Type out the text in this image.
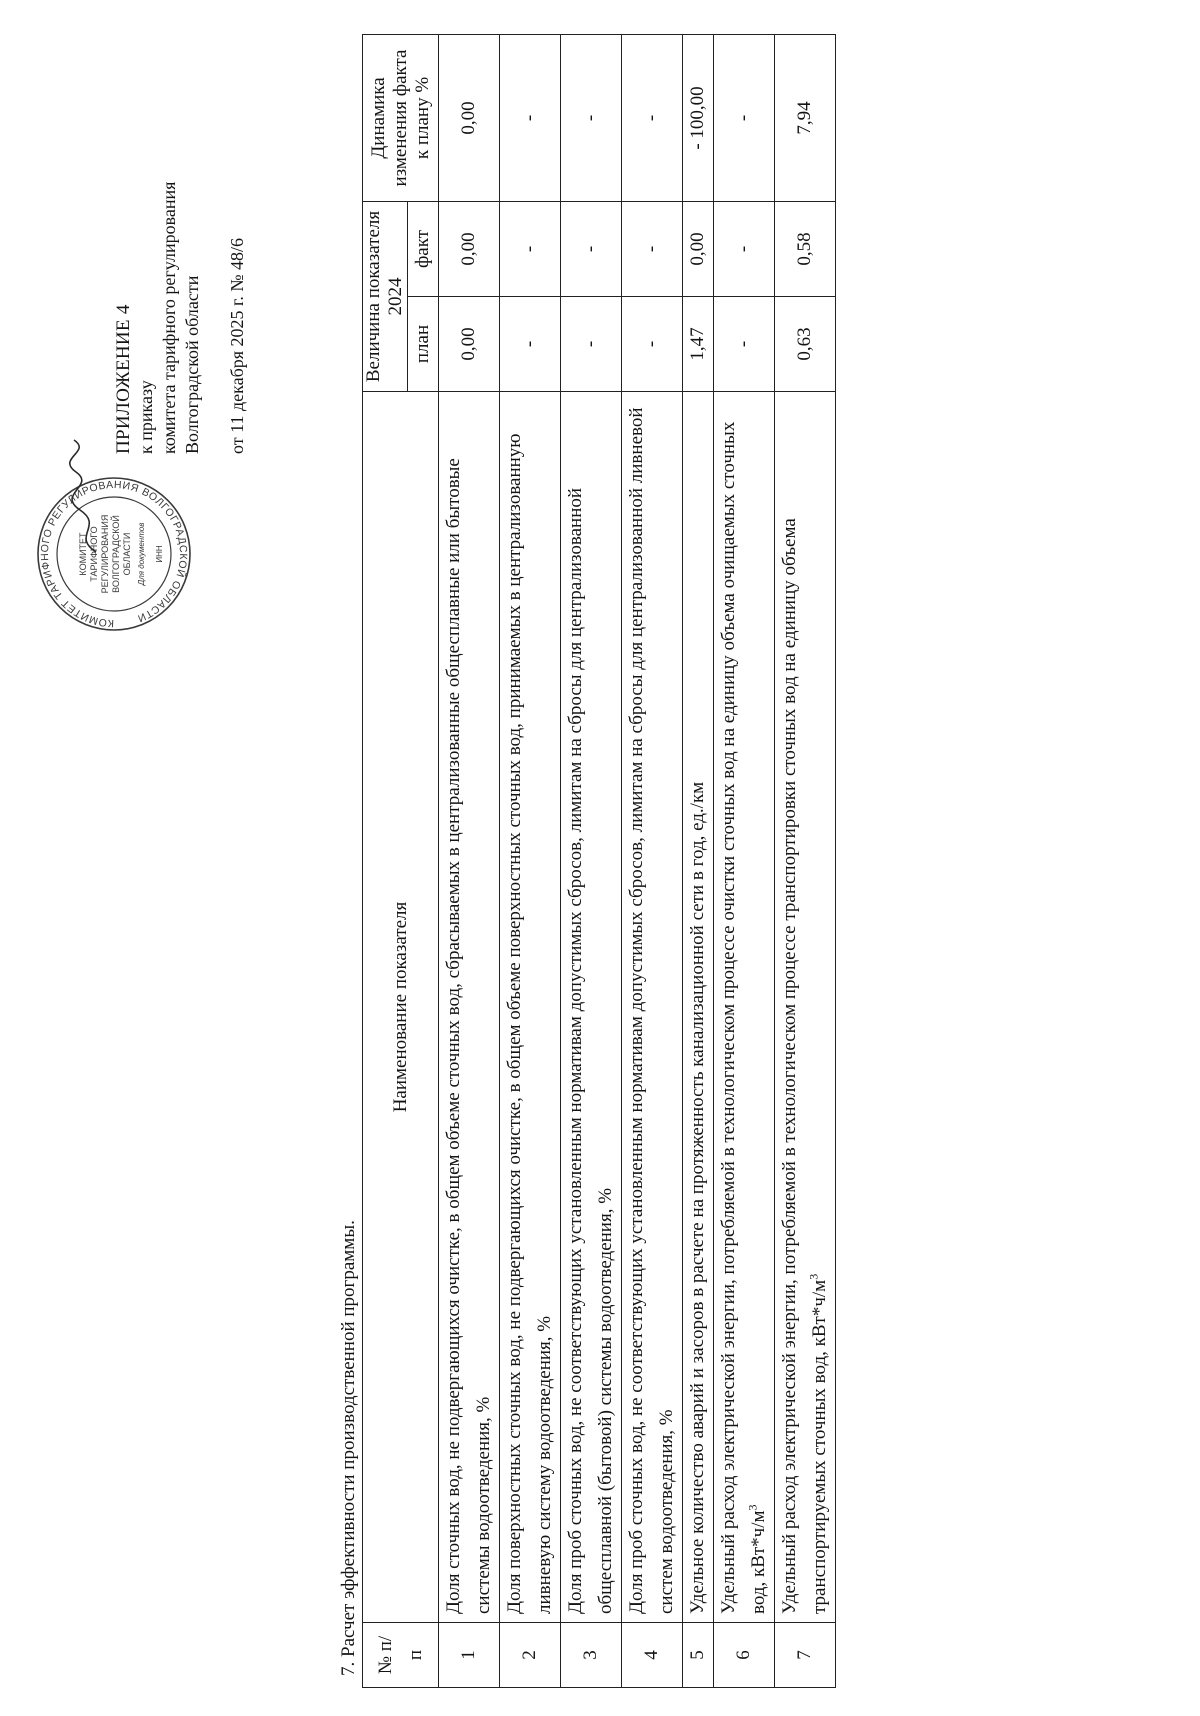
КОМИТЕТ ТАРИФНОГО РЕГУЛИРОВАНИЯ ВОЛГОГРАДСКОЙ ОБЛАСТИ
КОМИТЕТ ТАРИФНОГО РЕГУЛИРОВАНИЯ ВОЛГОГРАДСКОЙ ОБЛАСТИ Для документов ИНН
ПРИЛОЖЕНИЕ 4 к приказу комитета тарифного регулирования Волгоградской области от 11 декабря 2025 г. № 48/6
7. Расчет эффективности производственной программы. № п/п	Наименование показателя	Величина показателя 2024		Динамика изменения факта к плану %
		план	факт	
1	Доля сточных вод, не подвергающихся очистке, в общем объеме сточных вод, сбрасываемых в централизованные общесплавные или бытовые системы водоотведения, %	0,00	0,00	0,00
2	Доля поверхностных сточных вод, не подвергающихся очистке, в общем объеме поверхностных сточных вод, принимаемых в централизованную ливневую систему водоотведения, %	-	-	-
3	Доля проб сточных вод, не соответствующих установленным нормативам допустимых сбросов, лимитам на сбросы для централизованной общесплавной (бытовой) системы водоотведения, %	-	-	-
4	Доля проб сточных вод, не соответствующих установленным нормативам допустимых сбросов, лимитам на сбросы для централизованной ливневой систем водоотведения, %	-	-	-
5	Удельное количество аварий и засоров в расчете на протяженность канализационной сети в год, ед./км	1,47	0,00	- 100,00
6	Удельный расход электрической энергии, потребляемой в технологическом процессе очистки сточных вод на единицу объема очищаемых сточных вод, $кВт*ч/м^3$	-	-	-
7	Удельный расход электрической энергии, потребляемой в технологическом процессе транспортировки сточных вод на единицу объема транспортируемых сточных вод, $кВт*ч/м^3$	0,63	0,58	7,94
